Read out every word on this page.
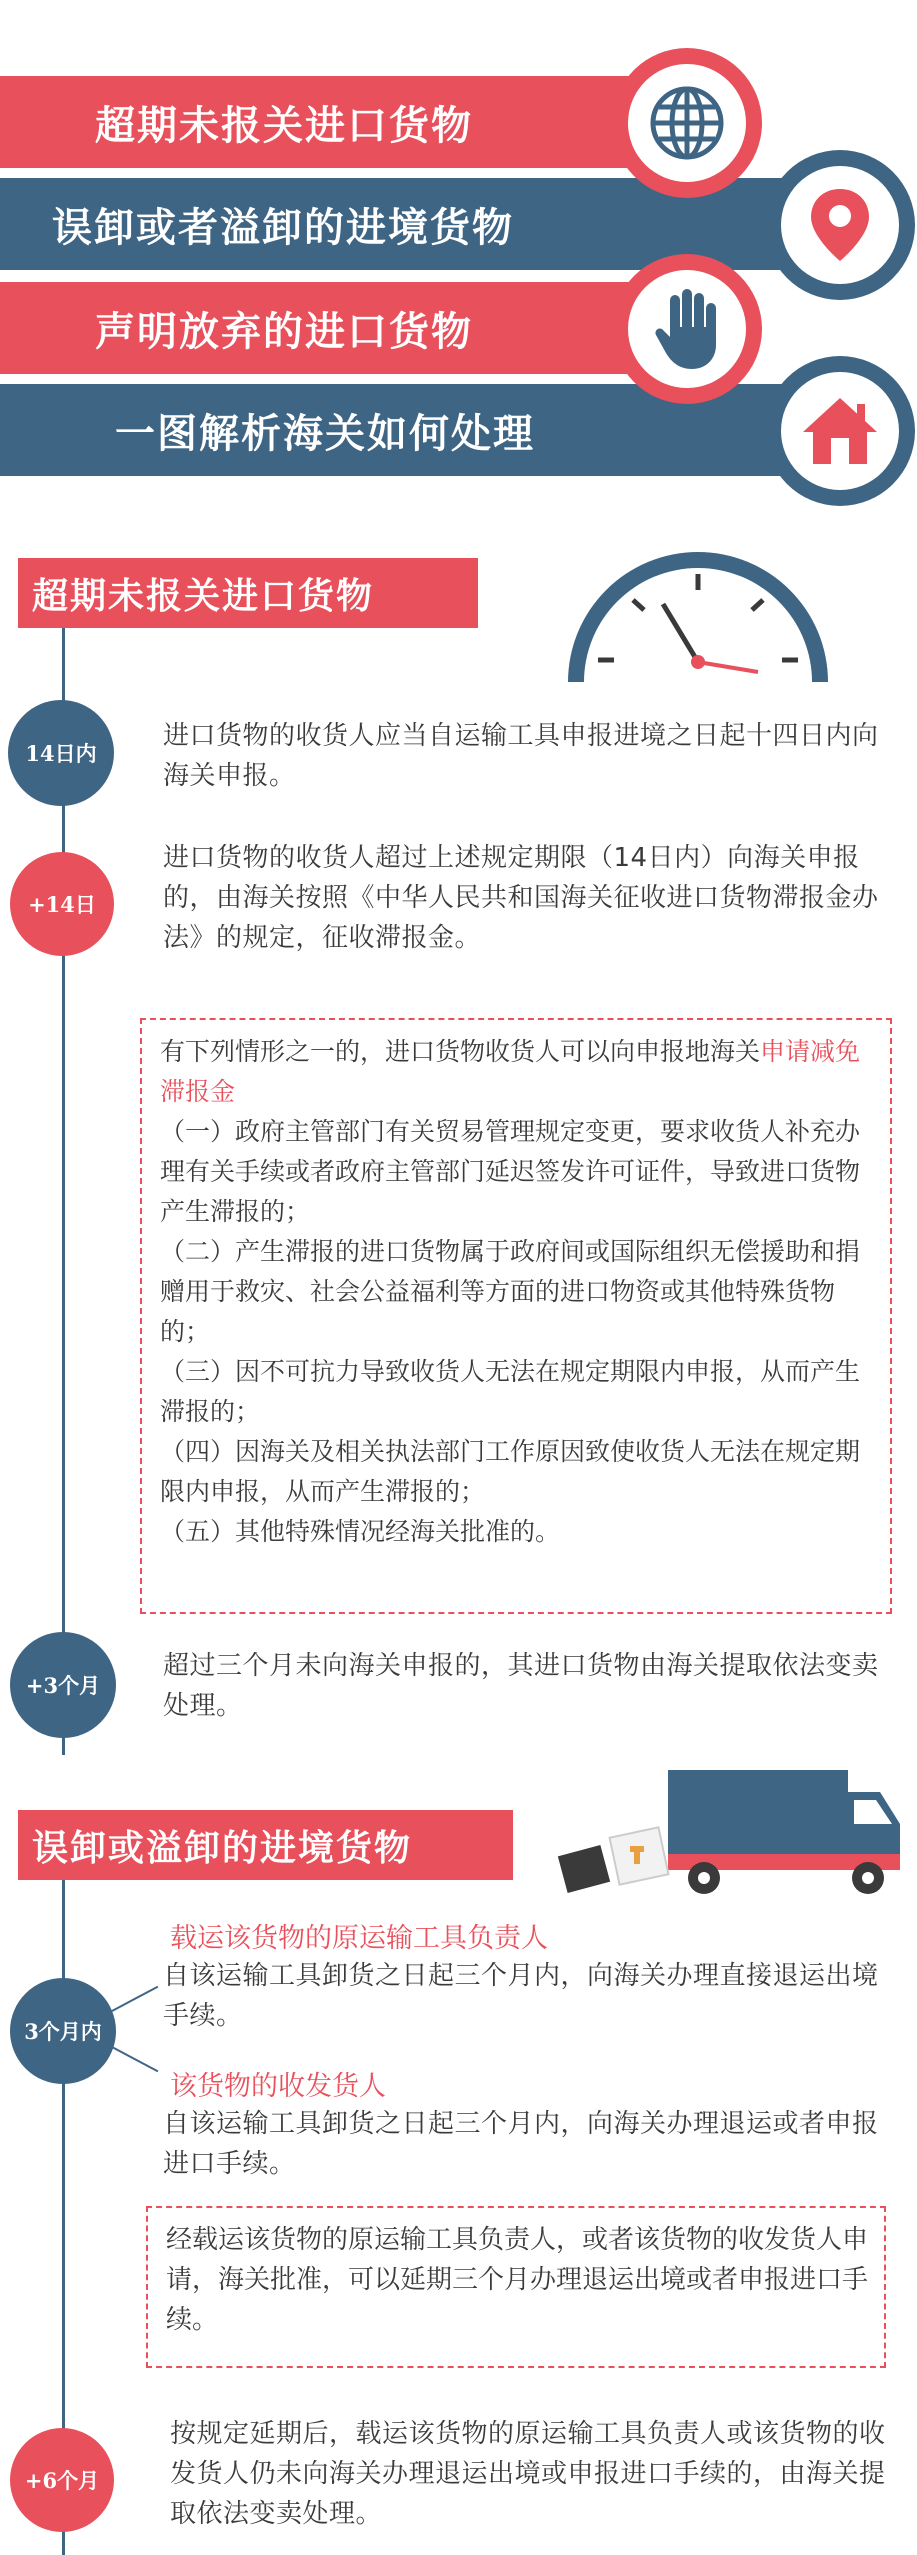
超期未报关进口货物
误卸或者溢卸的进境货物
声明放弃的进口货物
一图解析海关如何处理
超期未报关进口货物
14日内
进口货物的收货人应当自运输工具申报进境之日起十四日内向海关申报。
+14日
进口货物的收货人超过上述规定期限（14日内）向海关申报的，由海关按照《中华人民共和国海关征收进口货物滞报金办法》的规定，征收滞报金。
有下列情形之一的，进口货物收货人可以向申报地海关申请减免滞报金
（一）政府主管部门有关贸易管理规定变更，要求收货人补充办理有关手续或者政府主管部门延迟签发许可证件，导致进口货物产生滞报的；
（二）产生滞报的进口货物属于政府间或国际组织无偿援助和捐赠用于救灾、社会公益福利等方面的进口物资或其他特殊货物的；
（三）因不可抗力导致收货人无法在规定期限内申报，从而产生滞报的；
（四）因海关及相关执法部门工作原因致使收货人无法在规定期限内申报，从而产生滞报的；
（五）其他特殊情况经海关批准的。
+3个月
超过三个月未向海关申报的，其进口货物由海关提取依法变卖处理。
误卸或溢卸的进境货物
3个月内
载运该货物的原运输工具负责人
自该运输工具卸货之日起三个月内，向海关办理直接退运出境手续。
该货物的收发货人
自该运输工具卸货之日起三个月内，向海关办理退运或者申报进口手续。
经载运该货物的原运输工具负责人，或者该货物的收发货人申请，海关批准，可以延期三个月办理退运出境或者申报进口手续。
+6个月
按规定延期后，载运该货物的原运输工具负责人或该货物的收发货人仍未向海关办理退运出境或申报进口手续的，由海关提取依法变卖处理。
